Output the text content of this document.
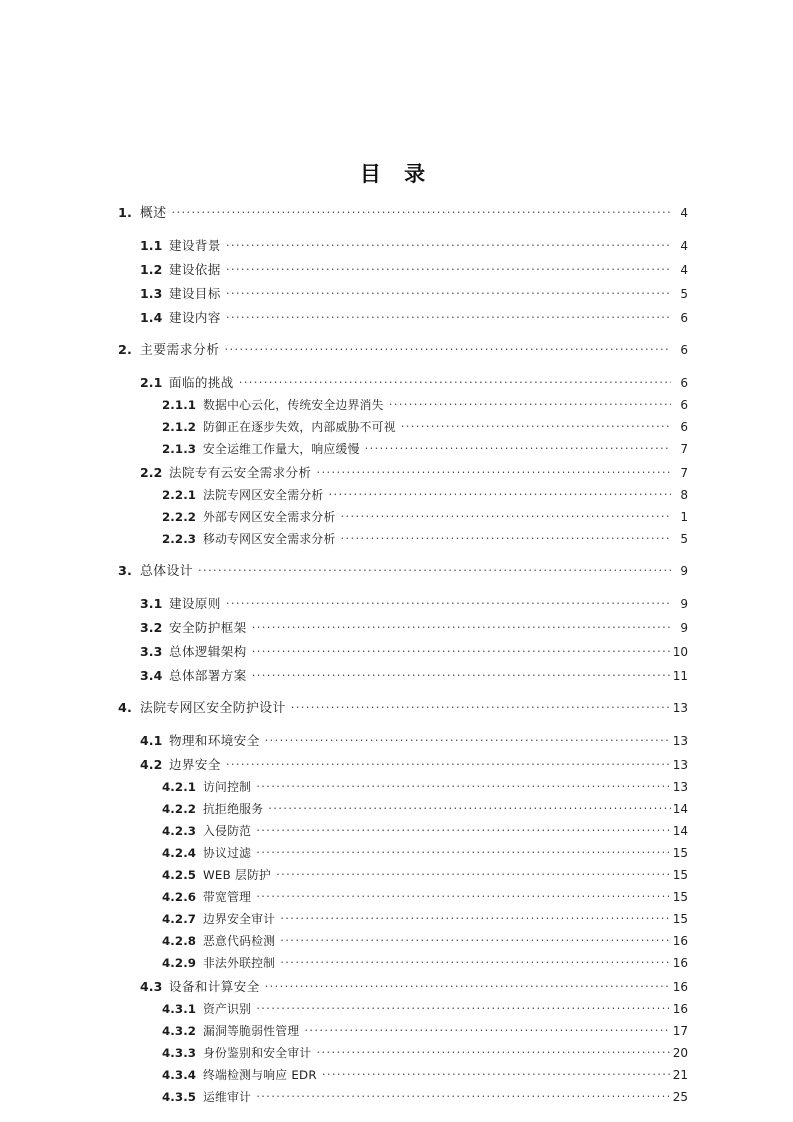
目 录
1. 概述 .....	4
1.1 建设背景 .....	4
1.2 建设依据 .....	4
1.3 建设目标 .....	5
1.4 建设内容 .....	6
2. 主要需求分析 .....	6
2.1 面临的挑战 .....	6
2.1.1 数据中心云化，传统安全边界消失 .....	6
2.1.2 防御正在逐步失效，内部威胁不可视 .....	6
2.1.3 安全运维工作量大，响应缓慢 .....	7
2.2 法院专有云安全需求分析 .....	7
2.2.1 法院专网区安全需分析 .....	8
2.2.2 外部专网区安全需求分析 .....	1
2.2.3 移动专网区安全需求分析 .....	5
3. 总体设计 .....	9
3.1 建设原则 .....	9
3.2 安全防护框架 .....	9
3.3 总体逻辑架构 .....	10
3.4 总体部署方案 .....	11
4. 法院专网区安全防护设计 .....	13
4.1 物理和环境安全 .....	13
4.2 边界安全 .....	13
4.2.1 访问控制 .....	13
4.2.2 抗拒绝服务 .....	14
4.2.3 入侵防范 .....	14
4.2.4 协议过滤 .....	15
4.2.5 WEB 层防护 .....	15
4.2.6 带宽管理 .....	15
4.2.7 边界安全审计 .....	15
4.2.8 恶意代码检测 .....	16
4.2.9 非法外联控制 .....	16
4.3 设备和计算安全 .....	16
4.3.1 资产识别 .....	16
4.3.2 漏洞等脆弱性管理 .....	17
4.3.3 身份鉴别和安全审计 .....	20
4.3.4 终端检测与响应 EDR .....	21
4.3.5 运维审计 .....	25
